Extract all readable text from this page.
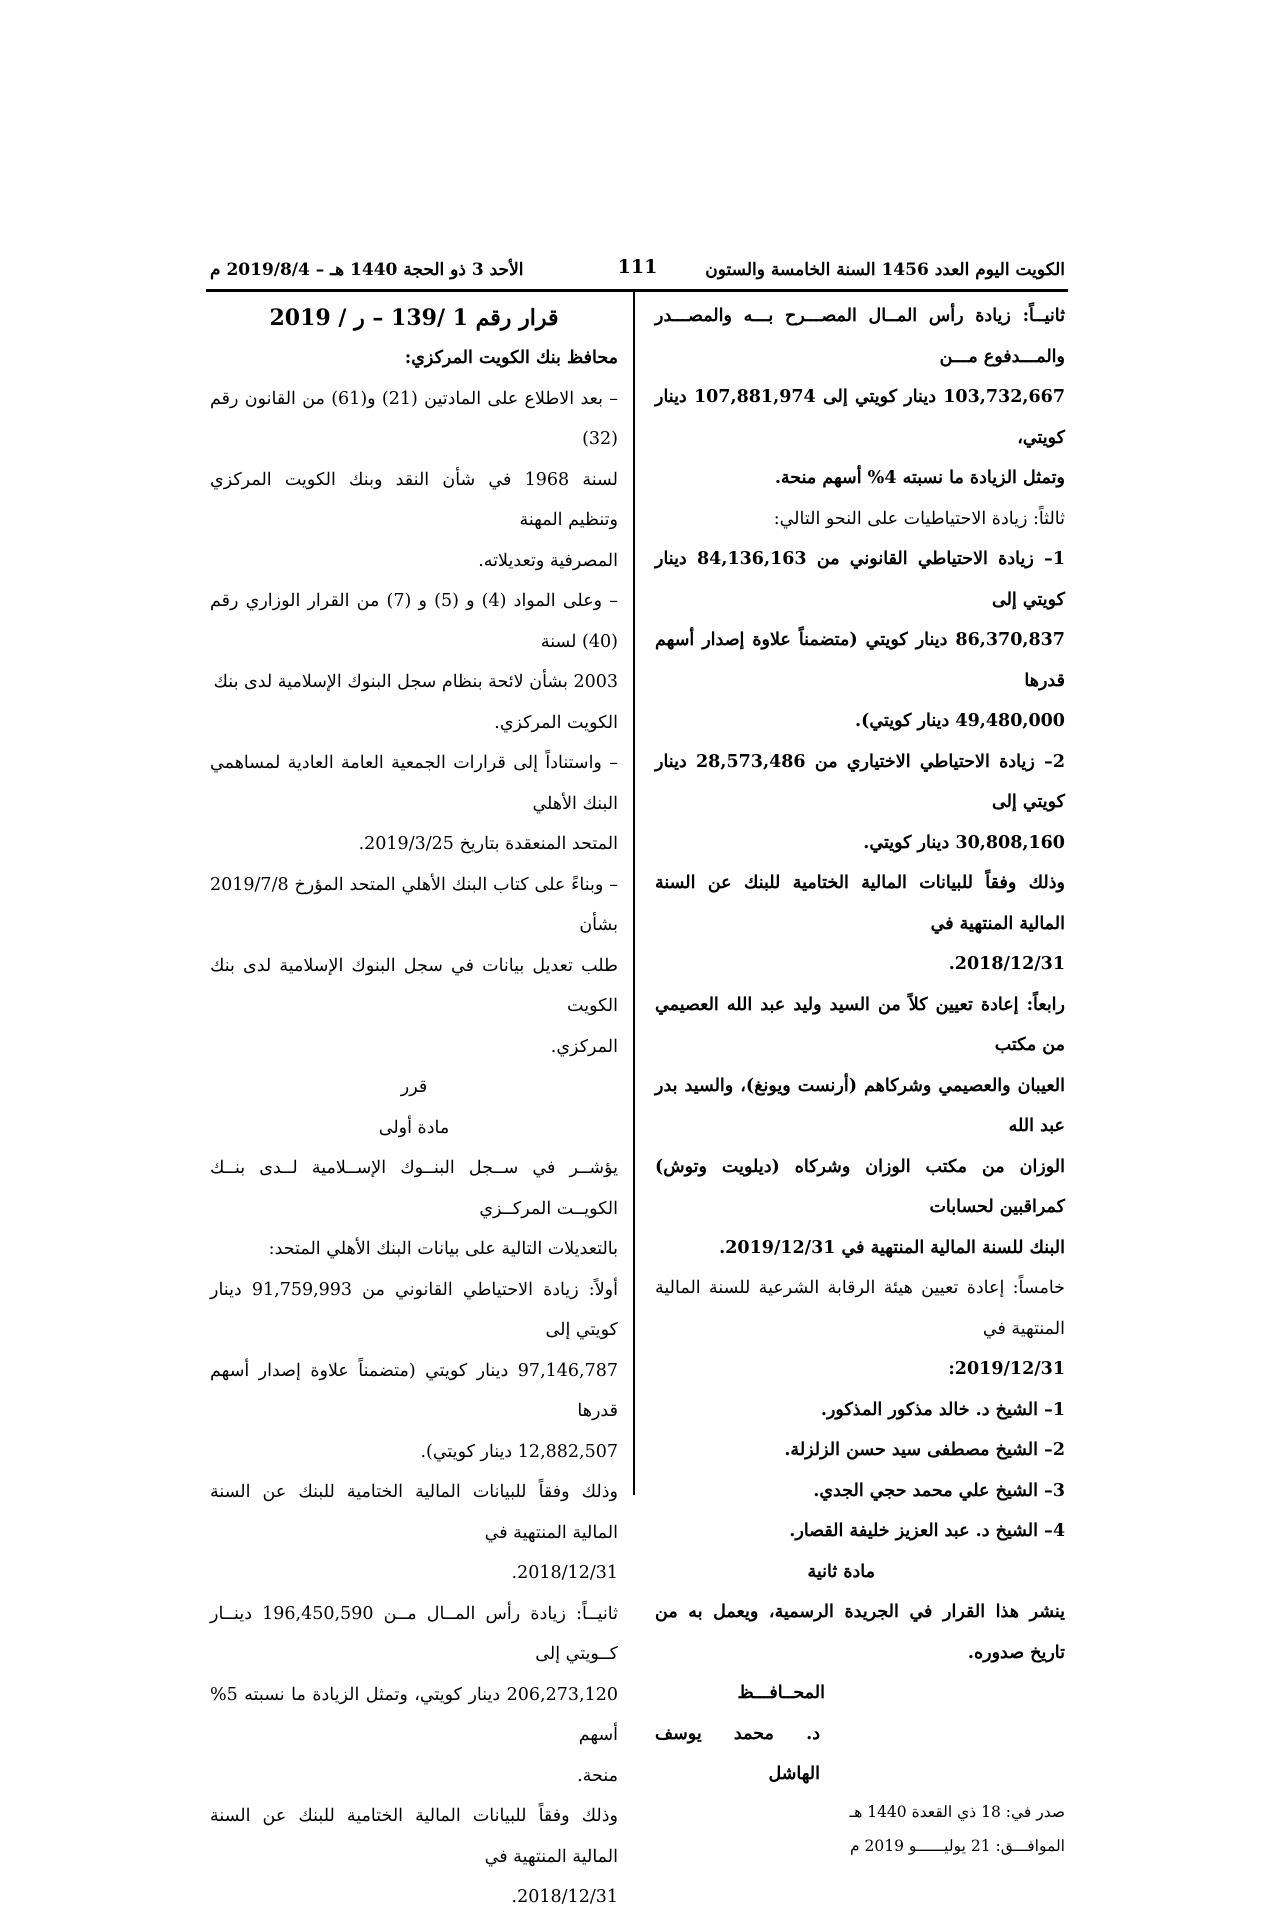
الكويت اليوم العدد 1456 السنة الخامسة والستون
111
الأحد 3 ذو الحجة 1440 هـ – 2019/8/4 م

ثانيــاً: زيادة رأس المــال المصـــرح بـــه والمصـــدر والمـــدفوع مـــن

103,732,667 دينار كويتي إلى 107,881,974 دينار كويتي،

وتمثل الزيادة ما نسبته 4% أسهم منحة.

ثالثاً: زيادة الاحتياطيات على النحو التالي:

1– زيادة الاحتياطي القانوني من 84,136,163 دينار كويتي إلى

86,370,837 دينار كويتي (متضمناً علاوة إصدار أسهم قدرها

49,480,000 دينار كويتي).

2– زيادة الاحتياطي الاختياري من 28,573,486 دينار كويتي إلى

30,808,160 دينار كويتي.

وذلك وفقاً للبيانات المالية الختامية للبنك عن السنة المالية المنتهية في

2018/12/31.

رابعاً: إعادة تعيين كلاً من السيد وليد عبد الله العصيمي من مكتب

العيبان والعصيمي وشركاهم (أرنست ويونغ)، والسيد بدر عبد الله

الوزان من مكتب الوزان وشركاه (ديلويت وتوش) كمراقبين لحسابات

البنك للسنة المالية المنتهية في 2019/12/31.

خامساً: إعادة تعيين هيئة الرقابة الشرعية للسنة المالية المنتهية في

2019/12/31:

1– الشيخ د. خالد مذكور المذكور.

2– الشيخ مصطفى سيد حسن الزلزلة.

3– الشيخ علي محمد حجي الجدي.

4– الشيخ د. عبد العزيز خليفة القصار.

مادة ثانية

ينشر هذا القرار في الجريدة الرسمية، ويعمل به من تاريخ صدوره.

المحــافـــظ

د. محمد يوسف الهاشل

صدر في: 18 ذي القعدة 1440 هـ

الموافـــق: 21 يوليــــــو 2019 م

قرار رقم 1 /139 – ر / 2019

محافظ بنك الكويت المركزي:

– بعد الاطلاع على المادتين (21) و(61) من القانون رقم (32)

لسنة 1968 في شأن النقد وبنك الكويت المركزي وتنظيم المهنة

المصرفية وتعديلاته.

– وعلى المواد (4) و (5) و (7) من القرار الوزاري رقم (40) لسنة

2003 بشأن لائحة بنظام سجل البنوك الإسلامية لدى بنك

الكويت المركزي.

– واستناداً إلى قرارات الجمعية العامة العادية لمساهمي البنك الأهلي

المتحد المنعقدة بتاريخ 2019/3/25.

– وبناءً على كتاب البنك الأهلي المتحد المؤرخ 2019/7/8 بشأن

طلب تعديل بيانات في سجل البنوك الإسلامية لدى بنك الكويت

المركزي.

قرر

مادة أولى

يؤشــر في ســجل البنــوك الإســلامية لــدى بنــك الكويــت المركــزي

بالتعديلات التالية على بيانات البنك الأهلي المتحد:

أولاً: زيادة الاحتياطي القانوني من 91,759,993 دينار كويتي إلى

97,146,787 دينار كويتي (متضمناً علاوة إصدار أسهم قدرها

12,882,507 دينار كويتي).

وذلك وفقاً للبيانات المالية الختامية للبنك عن السنة المالية المنتهية في

2018/12/31.

ثانيــاً: زيادة رأس المــال مــن 196,450,590 دينــار كــويتي إلى

206,273,120 دينار كويتي، وتمثل الزيادة ما نسبته 5% أسهم

منحة.

وذلك وفقاً للبيانات المالية الختامية للبنك عن السنة المالية المنتهية في

2018/12/31.
